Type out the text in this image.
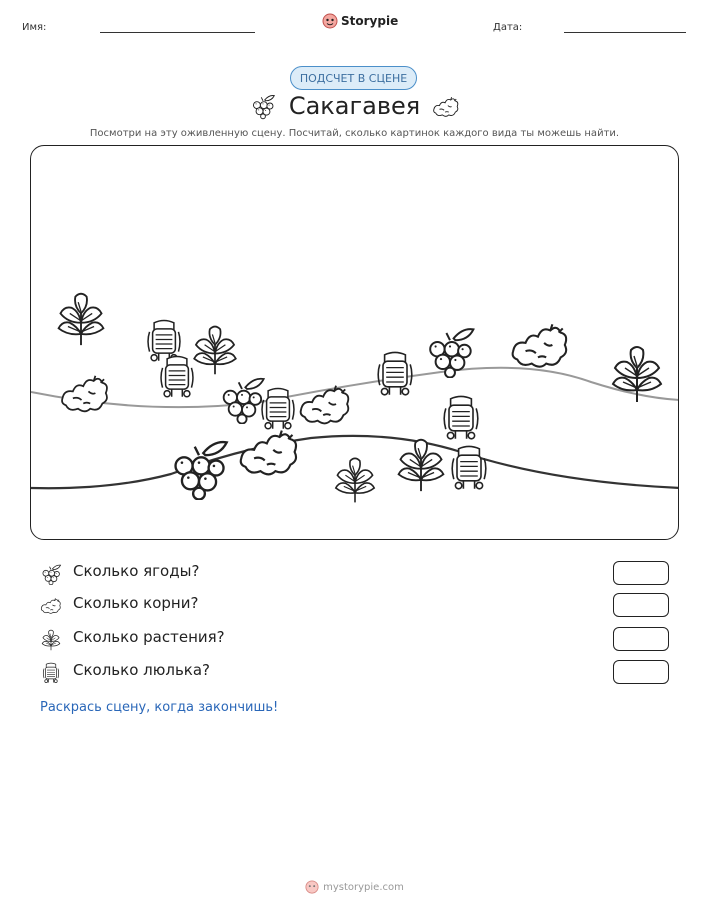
Имя:	Storypie	Дата:
ПОДСЧЕТ В СЦЕНЕ
Сакагавея
Посмотри на эту оживленную сцену. Посчитай, сколько картинок каждого вида ты можешь найти.
Сколько ягоды?
Сколько корни?
Сколько растения?
Сколько люлька?
Раскрась сцену, когда закончишь!
mystorypie.com
